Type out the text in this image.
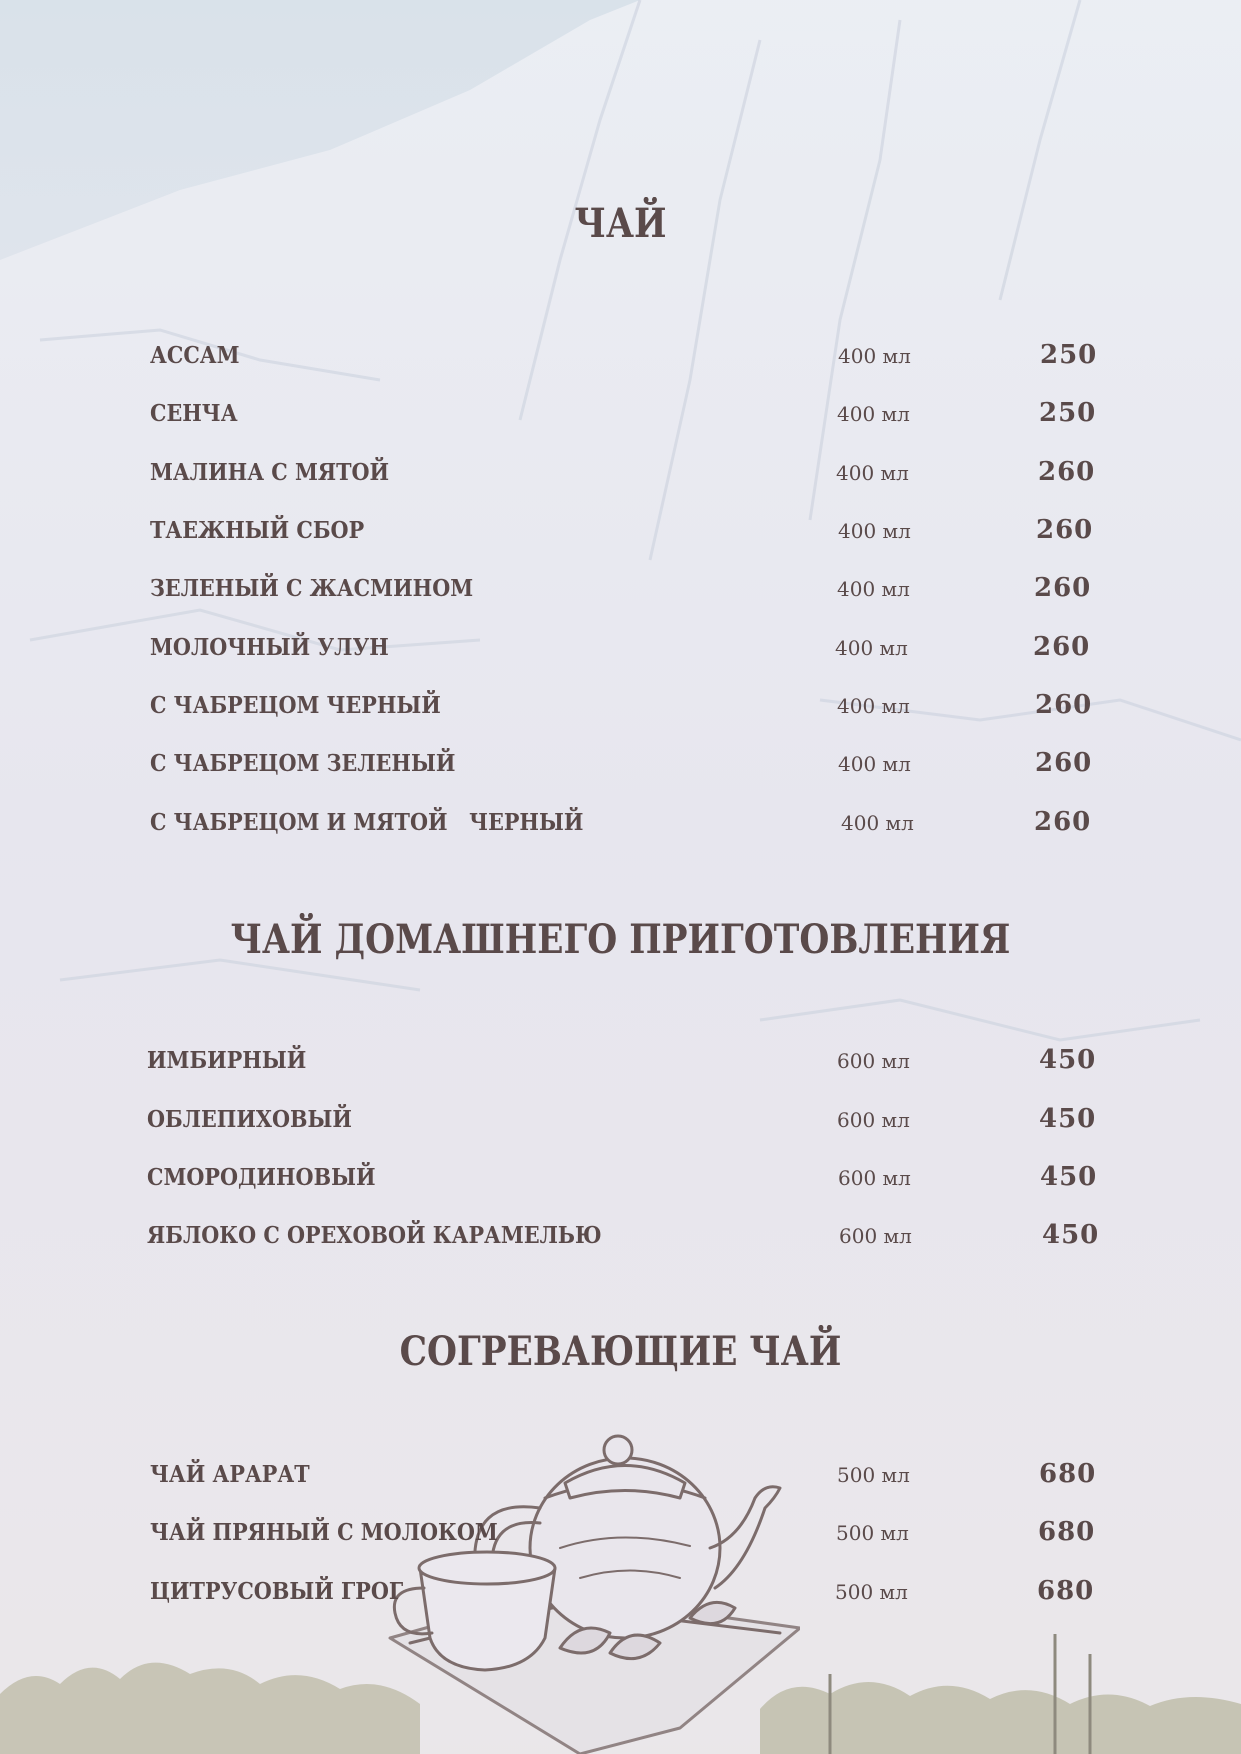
ЧАЙ
АССАМ	400 мл	250
СЕНЧА	400 мл	250
МАЛИНА С МЯТОЙ	400 мл	260
ТАЕЖНЫЙ СБОР	400 мл	260
ЗЕЛЕНЫЙ С ЖАСМИНОМ	400 мл	260
МОЛОЧНЫЙ УЛУН	400 мл	260
С ЧАБРЕЦОМ ЧЕРНЫЙ	400 мл	260
С ЧАБРЕЦОМ ЗЕЛЕНЫЙ	400 мл	260
С ЧАБРЕЦОМ И МЯТОЙ   ЧЕРНЫЙ	400 мл	260
ЧАЙ ДОМАШНЕГО ПРИГОТОВЛЕНИЯ
ИМБИРНЫЙ	600 мл	450
ОБЛЕПИХОВЫЙ	600 мл	450
СМОРОДИНОВЫЙ	600 мл	450
ЯБЛОКО С ОРЕХОВОЙ КАРАМЕЛЬЮ	600 мл	450
СОГРЕВАЮЩИЕ ЧАЙ
ЧАЙ АРАРАТ	500 мл	680
ЧАЙ ПРЯНЫЙ С МОЛОКОМ	500 мл	680
ЦИТРУСОВЫЙ ГРОГ	500 мл	680
